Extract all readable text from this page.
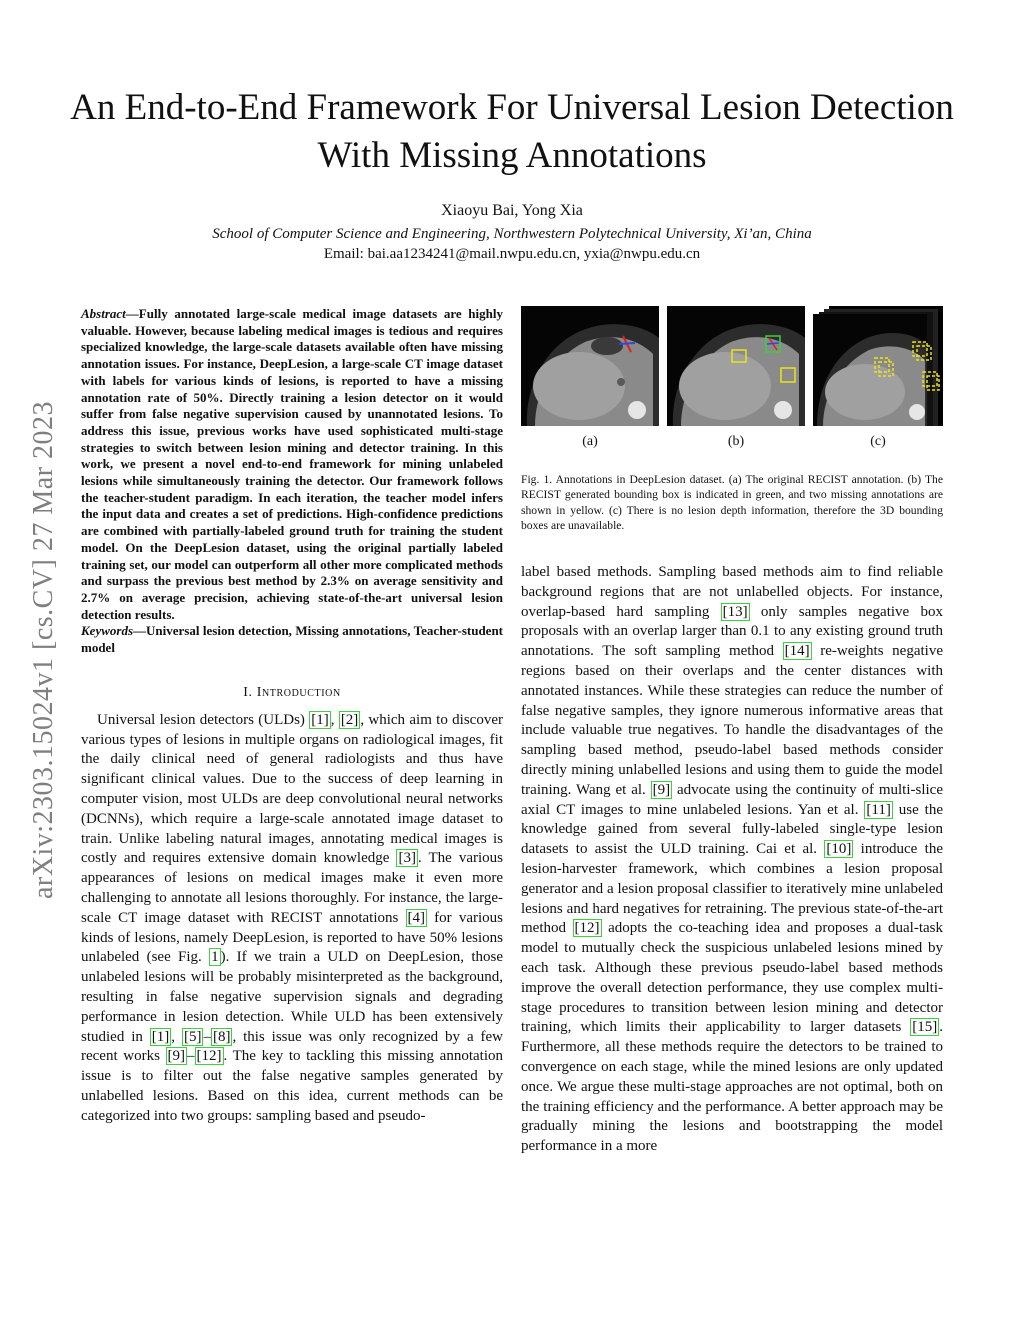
An End-to-End Framework For Universal Lesion Detection With Missing Annotations
Xiaoyu Bai, Yong Xia
School of Computer Science and Engineering, Northwestern Polytechnical University, Xi’an, China
Email: bai.aa1234241@mail.nwpu.edu.cn, yxia@nwpu.edu.cn
arXiv:2303.15024v1 [cs.CV] 27 Mar 2023

Abstract—Fully annotated large-scale medical image datasets are highly valuable. However, because labeling medical images is tedious and requires specialized knowledge, the large-scale datasets available often have missing annotation issues. For instance, DeepLesion, a large-scale CT image dataset with labels for various kinds of lesions, is reported to have a missing annotation rate of 50%. Directly training a lesion detector on it would suffer from false negative supervision caused by unannotated lesions. To address this issue, previous works have used sophisticated multi-stage strategies to switch between lesion mining and detector training. In this work, we present a novel end-to-end framework for mining unlabeled lesions while simultaneously training the detector. Our framework follows the teacher-student paradigm. In each iteration, the teacher model infers the input data and creates a set of predictions. High-confidence predictions are combined with partially-labeled ground truth for training the student model. On the DeepLesion dataset, using the original partially labeled training set, our model can outperform all other more complicated methods and surpass the previous best method by 2.3% on average sensitivity and 2.7% on average precision, achieving state-of-the-art universal lesion detection results.

Keywords—Universal lesion detection, Missing annotations, Teacher-student model

I. Introduction

Universal lesion detectors (ULDs) [1] , [2] , which aim to discover various types of lesions in multiple organs on radiological images, fit the daily clinical need of general radiologists and thus have significant clinical values. Due to the success of deep learning in computer vision, most ULDs are deep convolutional neural networks (DCNNs), which require a large-scale annotated image dataset to train. Unlike labeling natural images, annotating medical images is costly and requires extensive domain knowledge [3] . The various appearances of lesions on medical images make it even more challenging to annotate all lesions thoroughly. For instance, the large-scale CT image dataset with RECIST annotations [4] for various kinds of lesions, namely DeepLesion, is reported to have 50% lesions unlabeled (see Fig. 1 ). If we train a ULD on DeepLesion, those unlabeled lesions will be probably misinterpreted as the background, resulting in false negative supervision signals and degrading performance in lesion detection. While ULD has been extensively studied in [1] , [5] – [8] , this issue was only recognized by a few recent works [9] – [12] . The key to tackling this missing annotation issue is to filter out the false negative samples generated by unlabelled lesions. Based on this idea, current methods can be categorized into two groups: sampling based and pseudo-

(a)	(b)	(c)
Fig. 1. Annotations in DeepLesion dataset. (a) The original RECIST annotation. (b) The RECIST generated bounding box is indicated in green, and two missing annotations are shown in yellow. (c) There is no lesion depth information, therefore the 3D bounding boxes are unavailable.

label based methods. Sampling based methods aim to find reliable background regions that are not unlabelled objects. For instance, overlap-based hard sampling [13] only samples negative box proposals with an overlap larger than 0.1 to any existing ground truth annotations. The soft sampling method [14] re-weights negative regions based on their overlaps and the center distances with annotated instances. While these strategies can reduce the number of false negative samples, they ignore numerous informative areas that include valuable true negatives. To handle the disadvantages of the sampling based method, pseudo-label based methods consider directly mining unlabelled lesions and using them to guide the model training. Wang et al. [9] advocate using the continuity of multi-slice axial CT images to mine unlabeled lesions. Yan et al. [11] use the knowledge gained from several fully-labeled single-type lesion datasets to assist the ULD training. Cai et al. [10] introduce the lesion-harvester framework, which combines a lesion proposal generator and a lesion proposal classifier to iteratively mine unlabeled lesions and hard negatives for retraining. The previous state-of-the-art method [12] adopts the co-teaching idea and proposes a dual-task model to mutually check the suspicious unlabeled lesions mined by each task. Although these previous pseudo-label based methods improve the overall detection performance, they use complex multi-stage procedures to transition between lesion mining and detector training, which limits their applicability to larger datasets [15] . Furthermore, all these methods require the detectors to be trained to convergence on each stage, while the mined lesions are only updated once. We argue these multi-stage approaches are not optimal, both on the training efficiency and the performance. A better approach may be gradually mining the lesions and bootstrapping the model performance in a more
